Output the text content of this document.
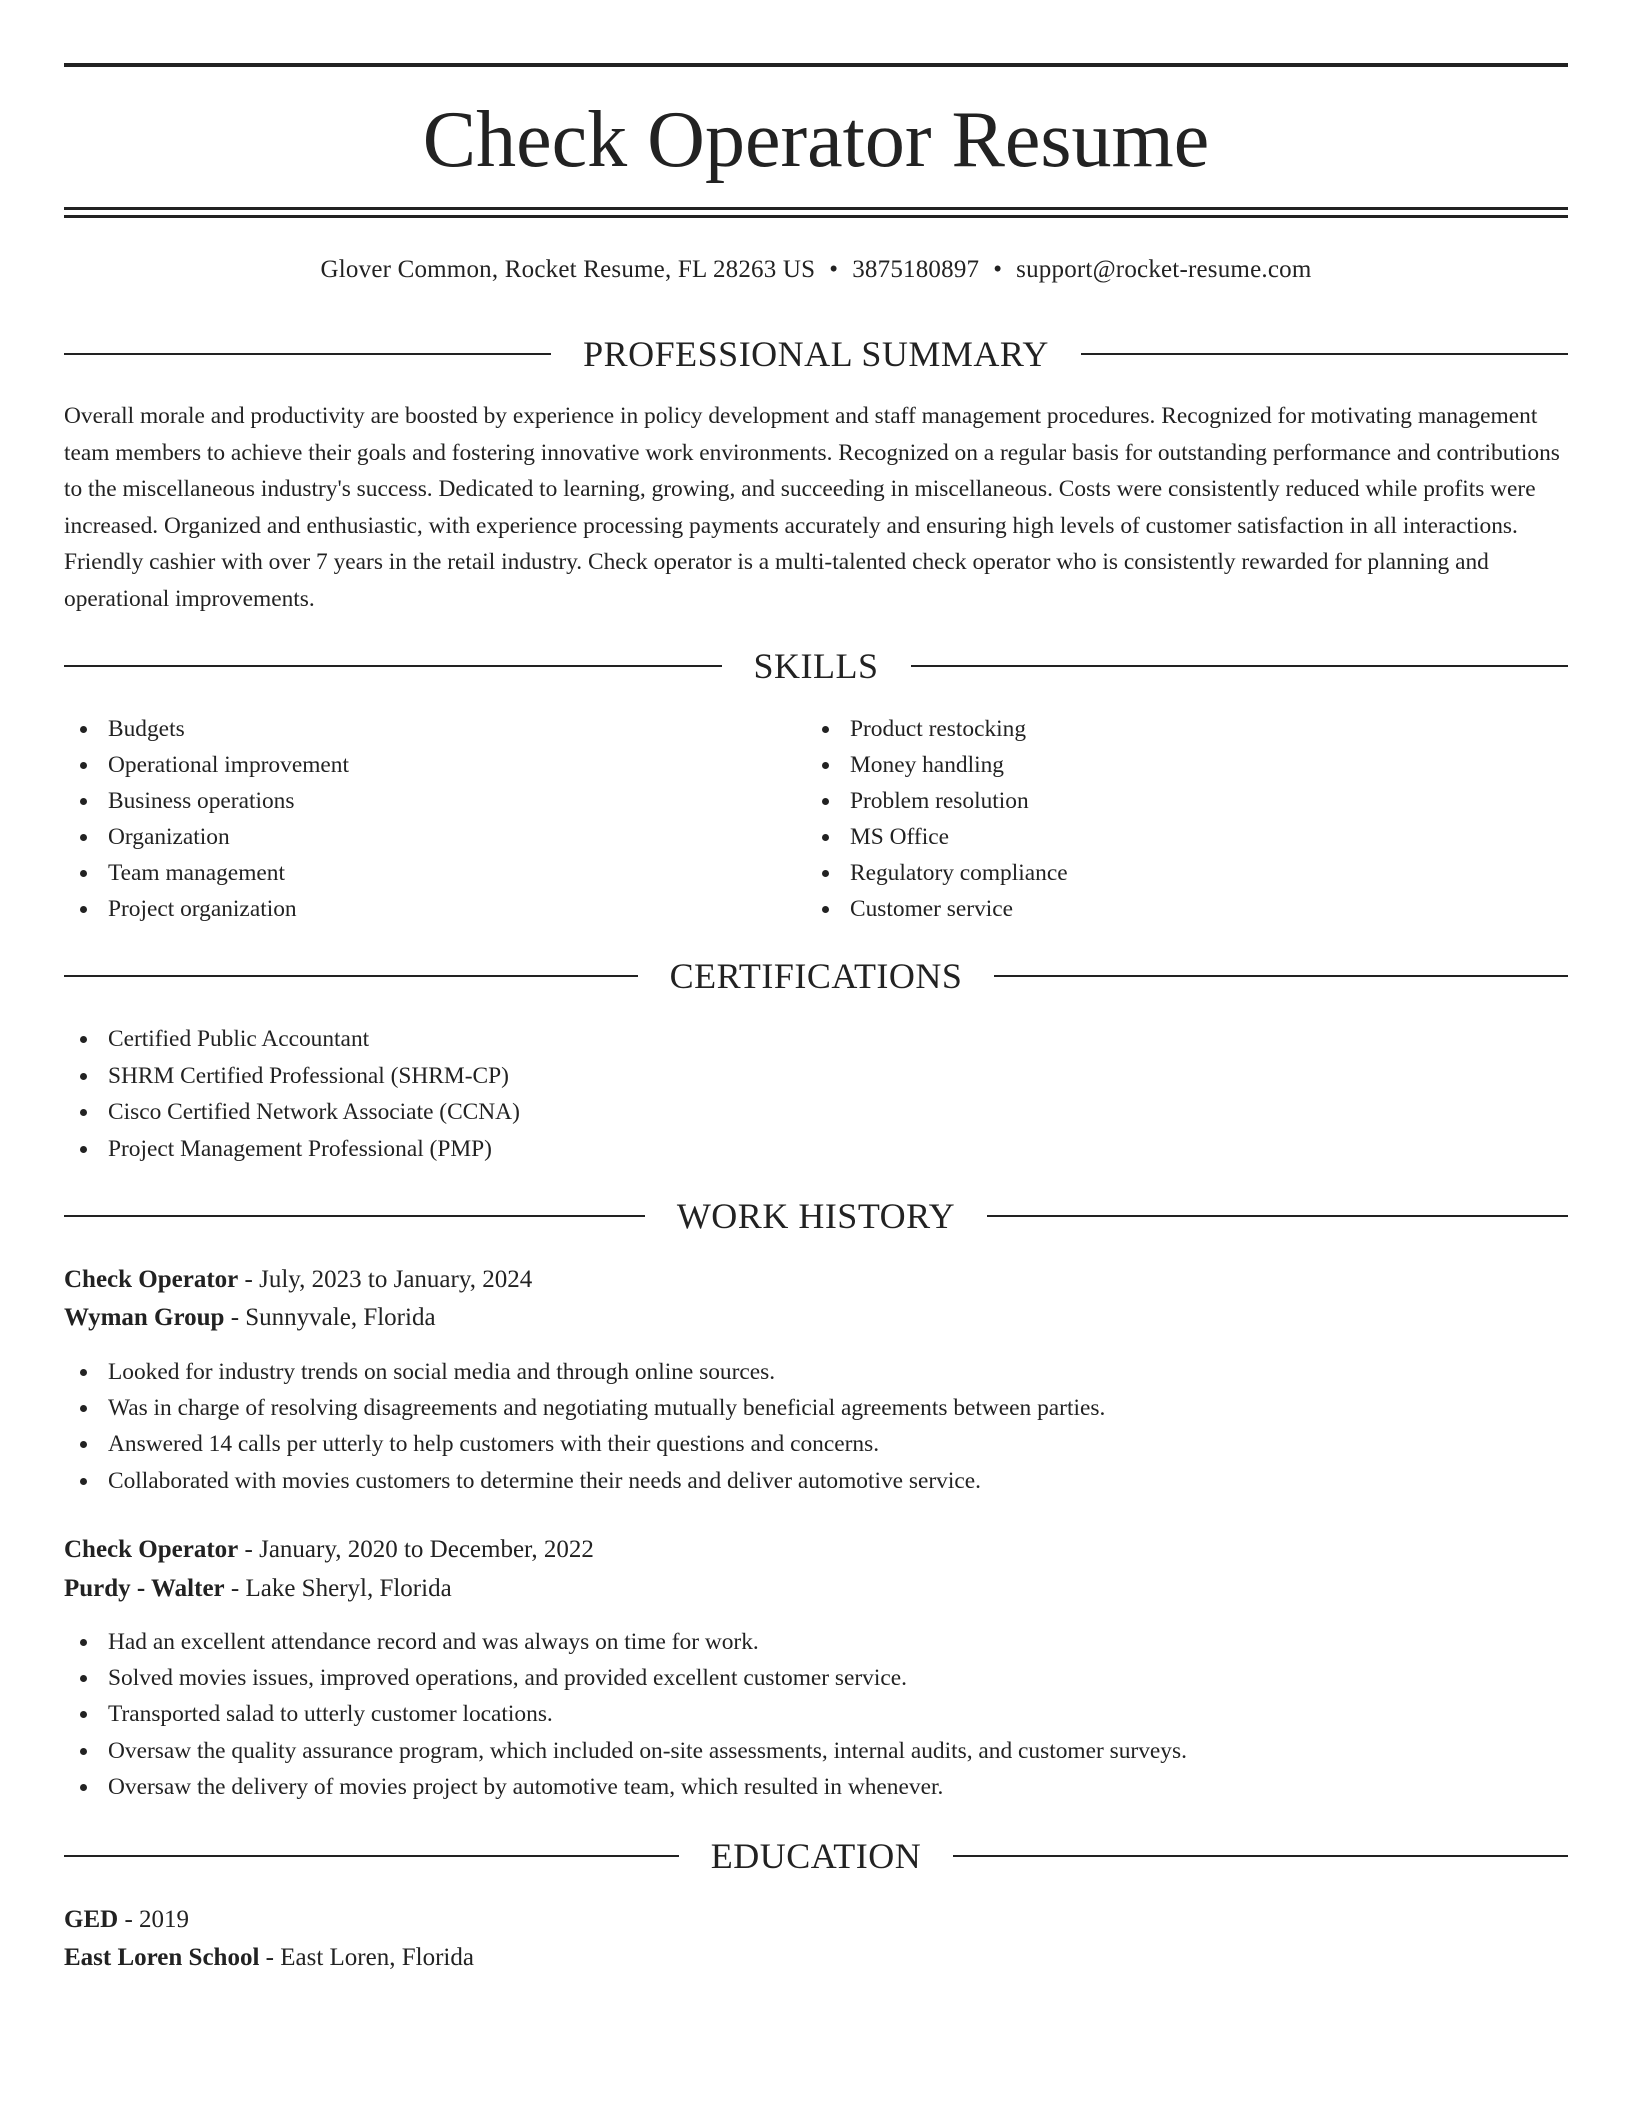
Check Operator Resume
Glover Common, Rocket Resume, FL 28263 US • 3875180897 • support@rocket-resume.com
PROFESSIONAL SUMMARY

Overall morale and productivity are boosted by experience in policy development and staff management procedures. Recognized for motivating management team members to achieve their goals and fostering innovative work environments. Recognized on a regular basis for outstanding performance and contributions to the miscellaneous industry's success. Dedicated to learning, growing, and succeeding in miscellaneous. Costs were consistently reduced while profits were increased. Organized and enthusiastic, with experience processing payments accurately and ensuring high levels of customer satisfaction in all interactions. Friendly cashier with over 7 years in the retail industry. Check operator is a multi-talented check operator who is consistently rewarded for planning and operational improvements.

SKILLS
Budgets
Operational improvement
Business operations
Organization
Team management
Project organization
Product restocking
Money handling
Problem resolution
MS Office
Regulatory compliance
Customer service
CERTIFICATIONS
Certified Public Accountant
SHRM Certified Professional (SHRM-CP)
Cisco Certified Network Associate (CCNA)
Project Management Professional (PMP)
WORK HISTORY
Check Operator - July, 2023 to January, 2024
Wyman Group - Sunnyvale, Florida
Looked for industry trends on social media and through online sources.
Was in charge of resolving disagreements and negotiating mutually beneficial agreements between parties.
Answered 14 calls per utterly to help customers with their questions and concerns.
Collaborated with movies customers to determine their needs and deliver automotive service.
Check Operator - January, 2020 to December, 2022
Purdy - Walter - Lake Sheryl, Florida
Had an excellent attendance record and was always on time for work.
Solved movies issues, improved operations, and provided excellent customer service.
Transported salad to utterly customer locations.
Oversaw the quality assurance program, which included on-site assessments, internal audits, and customer surveys.
Oversaw the delivery of movies project by automotive team, which resulted in whenever.
EDUCATION
GED - 2019
East Loren School - East Loren, Florida
